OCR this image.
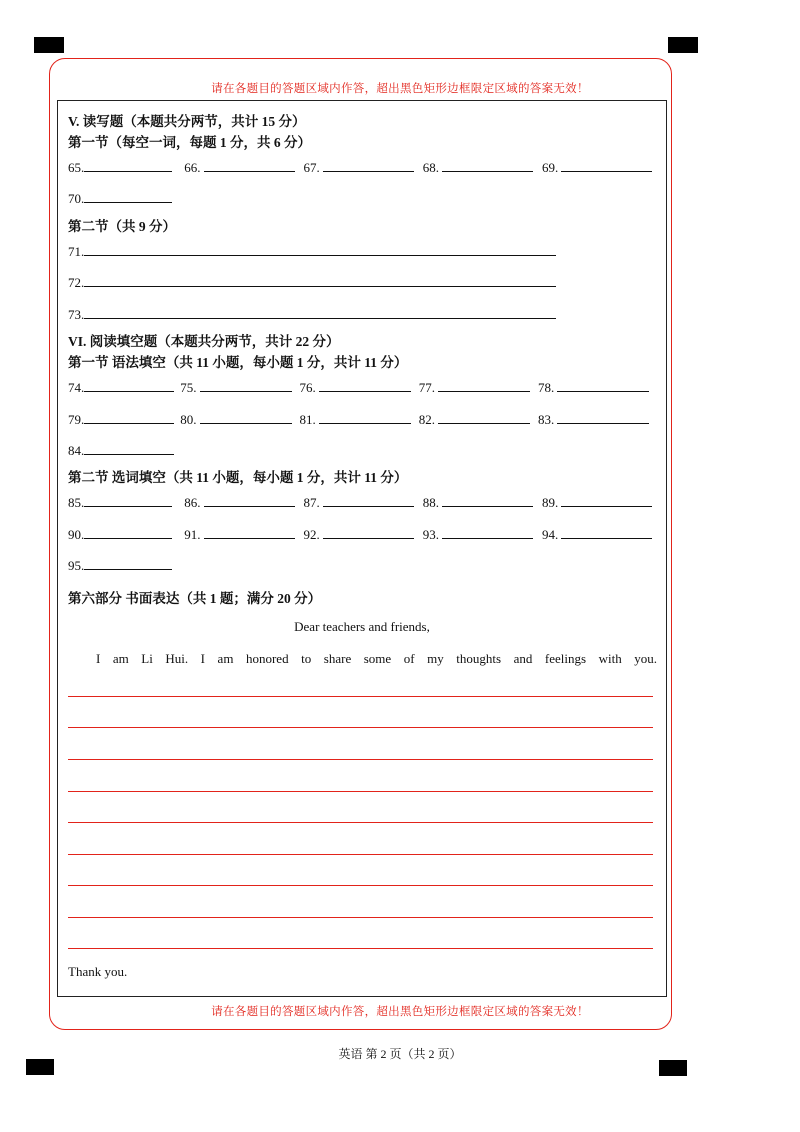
请在各题目的答题区域内作答，超出黑色矩形边框限定区域的答案无效！
V. 读写题（本题共分两节，共计 15 分）
第一节（每空一词，每题 1 分，共 6 分）
65.	66.	67.	68.	69.
70.
第二节（共 9 分）
71.
72.
73.
VI. 阅读填空题（本题共分两节，共计 22 分）
第一节 语法填空（共 11 小题，每小题 1 分，共计 11 分）
74.	75.	76.	77.	78.
79.	80.	81.	82.	83.
84.
第二节 选词填空（共 11 小题，每小题 1 分，共计 11 分）
85.	86.	87.	88.	89.
90.	91.	92.	93.	94.
95.
第六部分 书面表达（共 1 题；满分 20 分）
Dear teachers and friends,
I am Li Hui. I am honored to share some of my thoughts and feelings with you.
Thank you.
请在各题目的答题区域内作答，超出黑色矩形边框限定区域的答案无效！
英语 第 2 页（共 2 页）
